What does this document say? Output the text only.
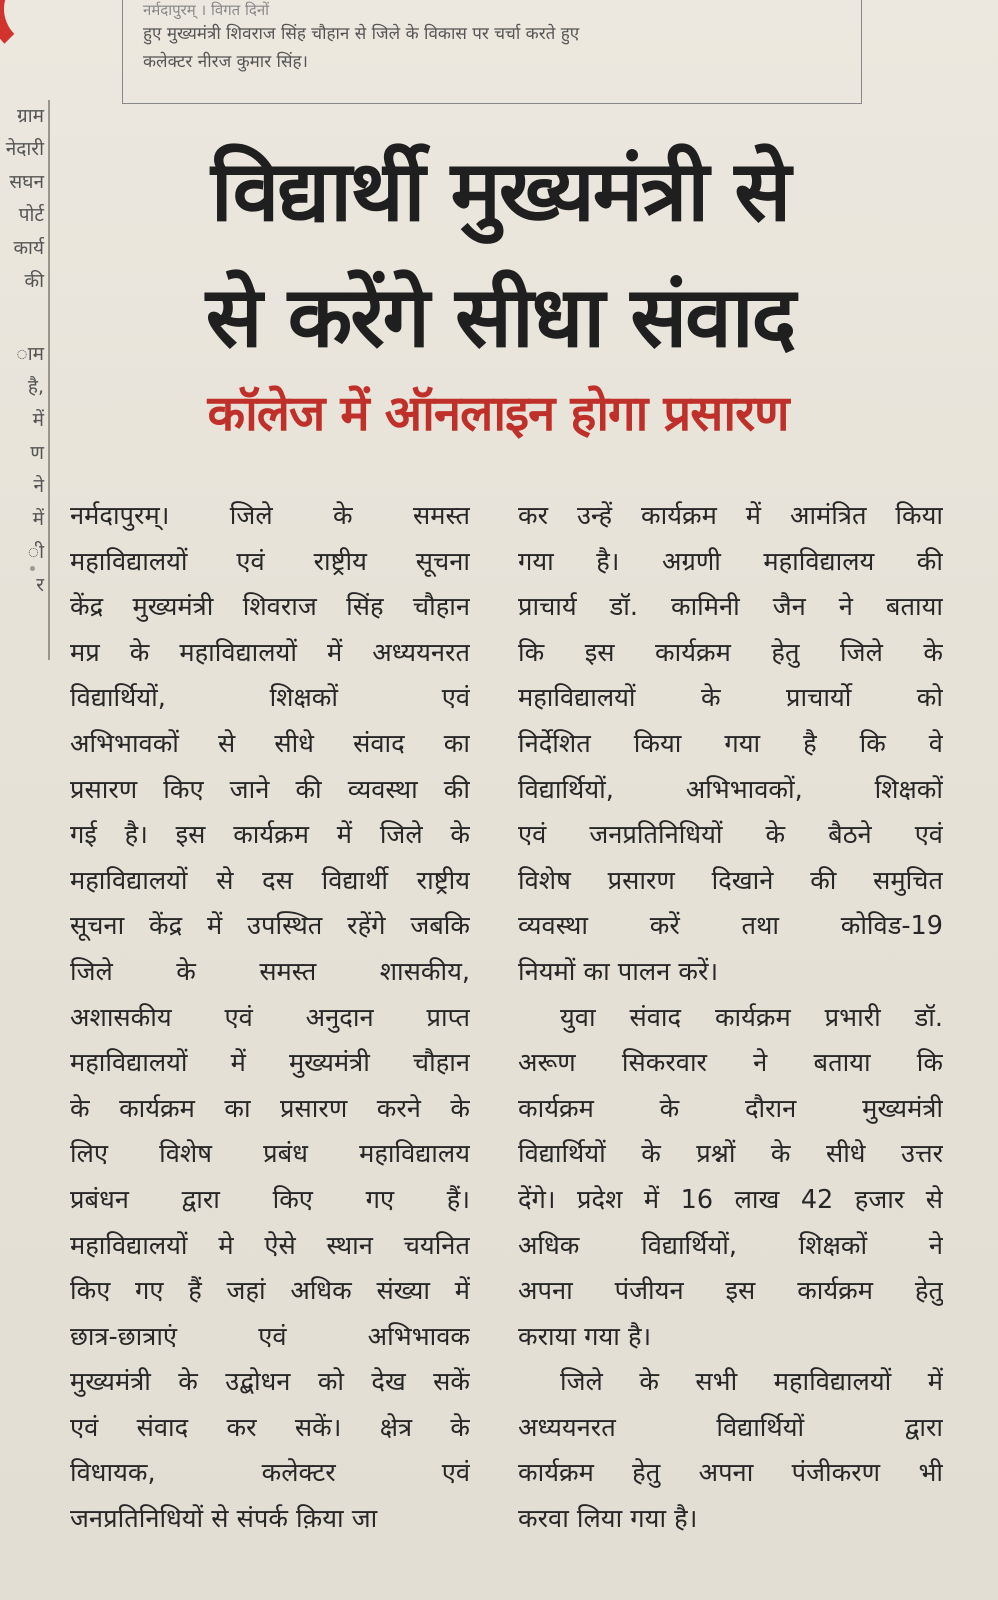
ग्राम
नेदारी
सघन
पोर्ट
कार्य
की
ाम
है,
में
ण
ने
में
ी
र

नर्मदापुरम् । विगत दिनों

हुए मुख्यमंत्री शिवराज सिंह चौहान से जिले के विकास पर चर्चा करते हुए

कलेक्टर नीरज कुमार सिंह।

विद्यार्थी मुख्यमंत्री से
से करेंगे सीधा संवाद
कॉलेज में ऑनलाइन होगा प्रसारण
नर्मदापुरम्। जिले के समस्त
महाविद्यालयों एवं राष्ट्रीय सूचना
केंद्र मुख्यमंत्री शिवराज सिंह चौहान
मप्र के महाविद्यालयों में अध्ययनरत
विद्यार्थियों, शिक्षकों एवं
अभिभावकों से सीधे संवाद का
प्रसारण किए जाने की व्यवस्था की
गई है। इस कार्यक्रम में जिले के
महाविद्यालयों से दस विद्यार्थी राष्ट्रीय
सूचना केंद्र में उपस्थित रहेंगे जबकि
जिले के समस्त शासकीय,
अशासकीय एवं अनुदान प्राप्त
महाविद्यालयों में मुख्यमंत्री चौहान
के कार्यक्रम का प्रसारण करने के
लिए विशेष प्रबंध महाविद्यालय
प्रबंधन द्वारा किए गए हैं।
महाविद्यालयों मे ऐसे स्थान चयनित
किए गए हैं जहां अधिक संख्या में
छात्र-छात्राएं एवं अभिभावक
मुख्यमंत्री के उद्बोधन को देख सकें
एवं संवाद कर सकें। क्षेत्र के
विधायक, कलेक्टर एवं
जनप्रतिनिधियों से संपर्क क़िया जा
कर उन्हें कार्यक्रम में आमंत्रित किया
गया है। अग्रणी महाविद्यालय की
प्राचार्य डॉ. कामिनी जैन ने बताया
कि इस कार्यक्रम हेतु जिले के
महाविद्यालयों के प्राचार्यो को
निर्देशित किया गया है कि वे
विद्यार्थियों, अभिभावकों, शिक्षकों
एवं जनप्रतिनिधियों के बैठने एवं
विशेष प्रसारण दिखाने की समुचित
व्यवस्था करें तथा कोविड-19
नियमों का पालन करें।
युवा संवाद कार्यक्रम प्रभारी डॉ.
अरूण सिकरवार ने बताया कि
कार्यक्रम के दौरान मुख्यमंत्री
विद्यार्थियों के प्रश्नों के सीधे उत्तर
देंगे। प्रदेश में 16 लाख 42 हजार से
अधिक विद्यार्थियों, शिक्षकों ने
अपना पंजीयन इस कार्यक्रम हेतु
कराया गया है।
जिले के सभी महाविद्यालयों में
अध्ययनरत विद्यार्थियों द्वारा
कार्यक्रम हेतु अपना पंजीकरण भी
करवा लिया गया है।
